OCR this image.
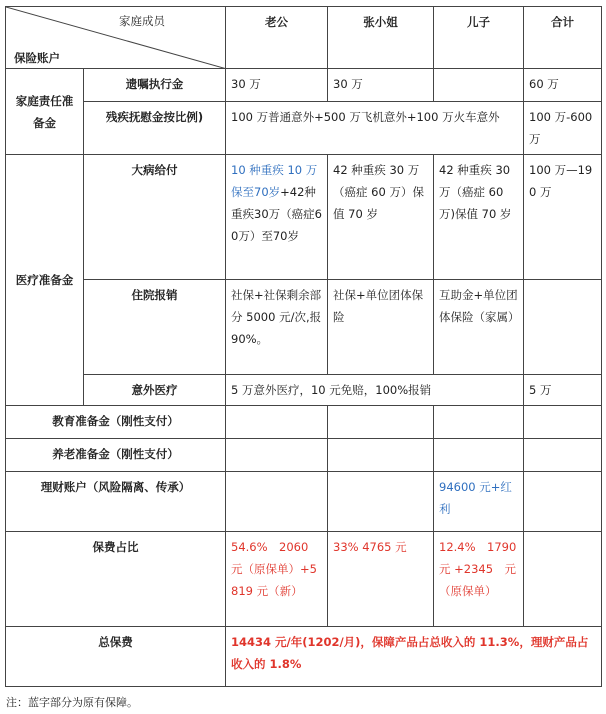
家庭成员
保险账户		老公	张小姐	儿子	合计
家庭责任准备金	遗嘱执行金	30 万	30 万		60 万
	残疾抚慰金按比例)	100 万普通意外+500 万飞机意外+100 万火车意外			100 万-600万
医疗准备金	大病给付	10 种重疾 10 万保至70岁+42种重疾30万（癌症60万）至70岁	42 种重疾 30 万（癌症 60 万）保值 70 岁	42 种重疾 30 万（癌症 60 万)保值 70 岁	100 万—190 万
	住院报销	社保+社保剩余部分 5000 元/次,报 90%。	社保+单位团体保险	互助金+单位团体保险（家属）	
	意外医疗	5 万意外医疗，10 元免赔，100%报销			5 万
教育准备金（刚性支付）					
养老准备金（刚性支付）					
理财账户（风险隔离、传承）				94600 元+红利	
保费占比		54.6%　2060 元（原保单）+5819 元（新）	33% 4765 元	12.4%　1790 元 +2345　元（原保单）	
总保费		14434 元/年(1202/月)，保障产品占总收入的 11.3%，理财产品占收入的 1.8%			
注：蓝字部分为原有保障。
